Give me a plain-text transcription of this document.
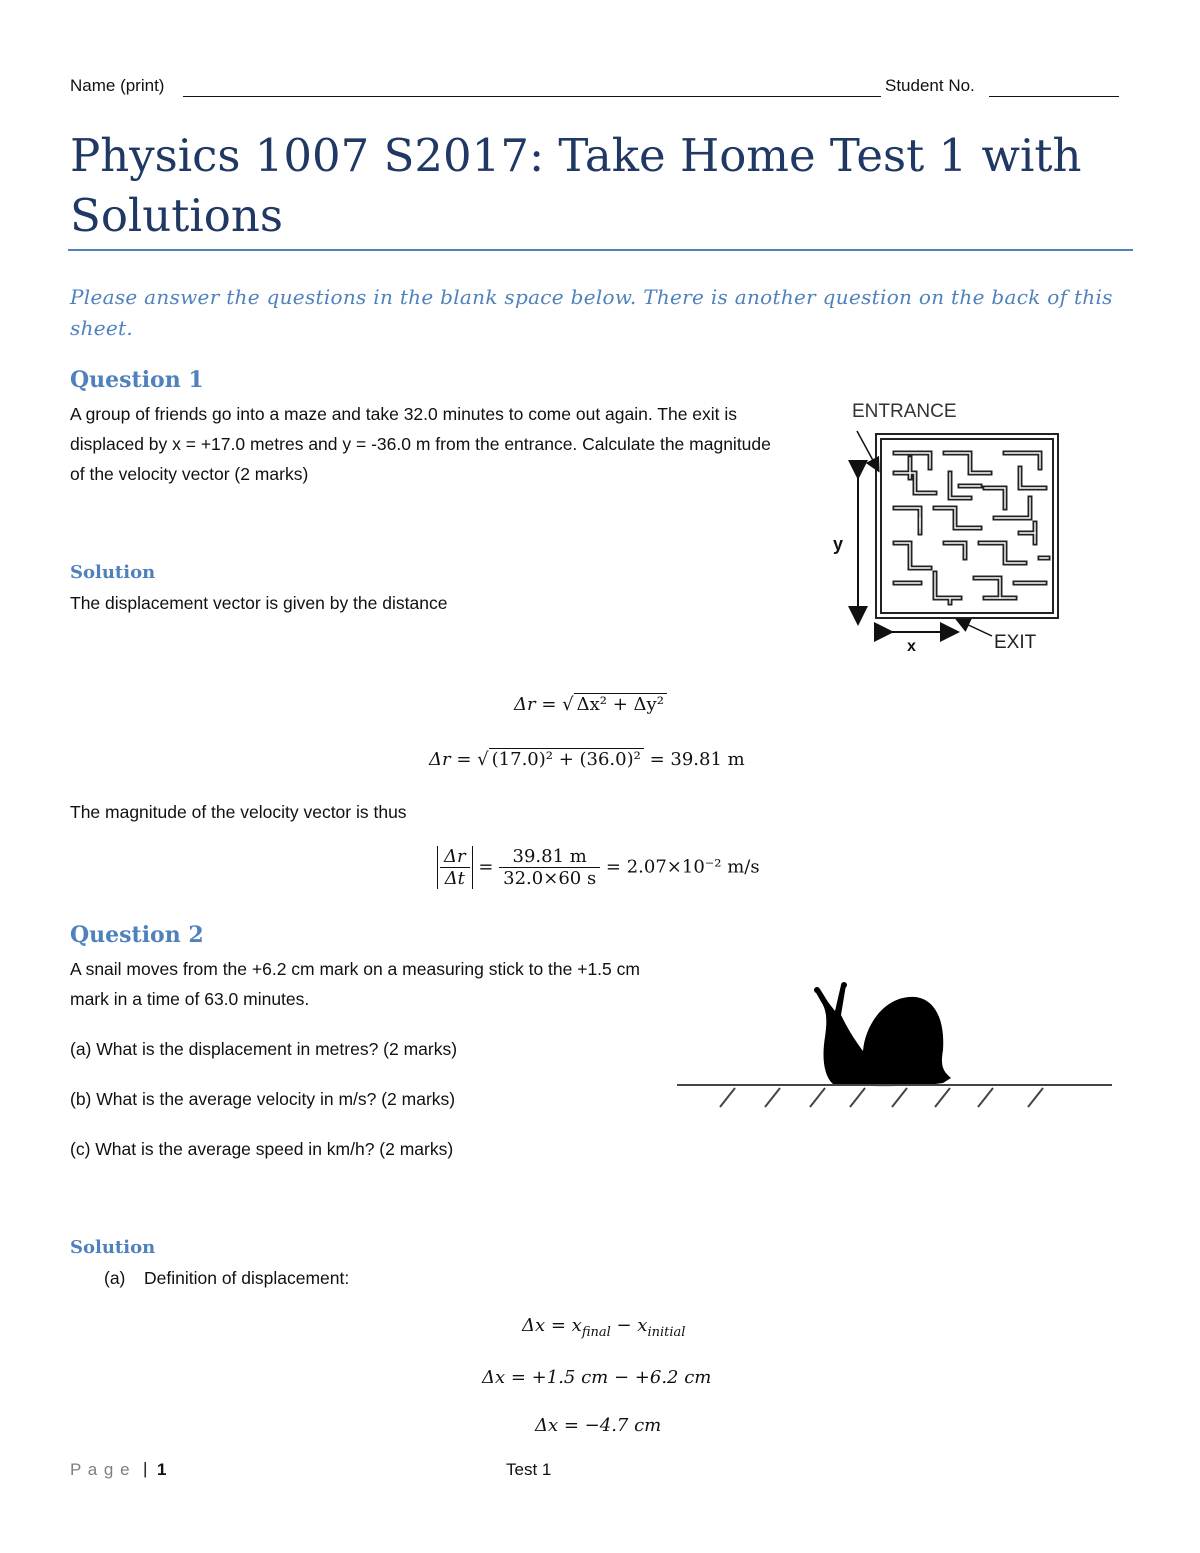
Name (print)	Student No.
Physics 1007 S2017: Take Home Test 1 with Solutions
Please answer the questions in the blank space below. There is another question on the back of this sheet.
Question 1
A group of friends go into a maze and take 32.0 minutes to come out again. The exit is displaced by x = +17.0 metres and y = -36.0 m from the entrance. Calculate the magnitude of the velocity vector (2 marks)
ENTRANCE
EXIT
y
x
Solution
The displacement vector is given by the distance
Δr = √ Δx² + Δy²
Δr = √ (17.0)² + (36.0)² = 39.81 m
The magnitude of the velocity vector is thus
$\frac{\Delta r}{\Delta t} = \frac{39.81 m}{32.0\times 60 s} = 2.07\times 10^{-2}$ m/s
Question 2
A snail moves from the +6.2 cm mark on a measuring stick to the +1.5 cm mark in a time of 63.0 minutes.
(a) What is the displacement in metres? (2 marks)
(b) What is the average velocity in m/s? (2 marks)
(c) What is the average speed in km/h? (2 marks)
Solution
(a) Definition of displacement:
$\Delta x = x_{final} - x_{initial}$
Δx = +1.5 cm − +6.2 cm
Δx = −4.7 cm
P a g e | 1	Test 1
